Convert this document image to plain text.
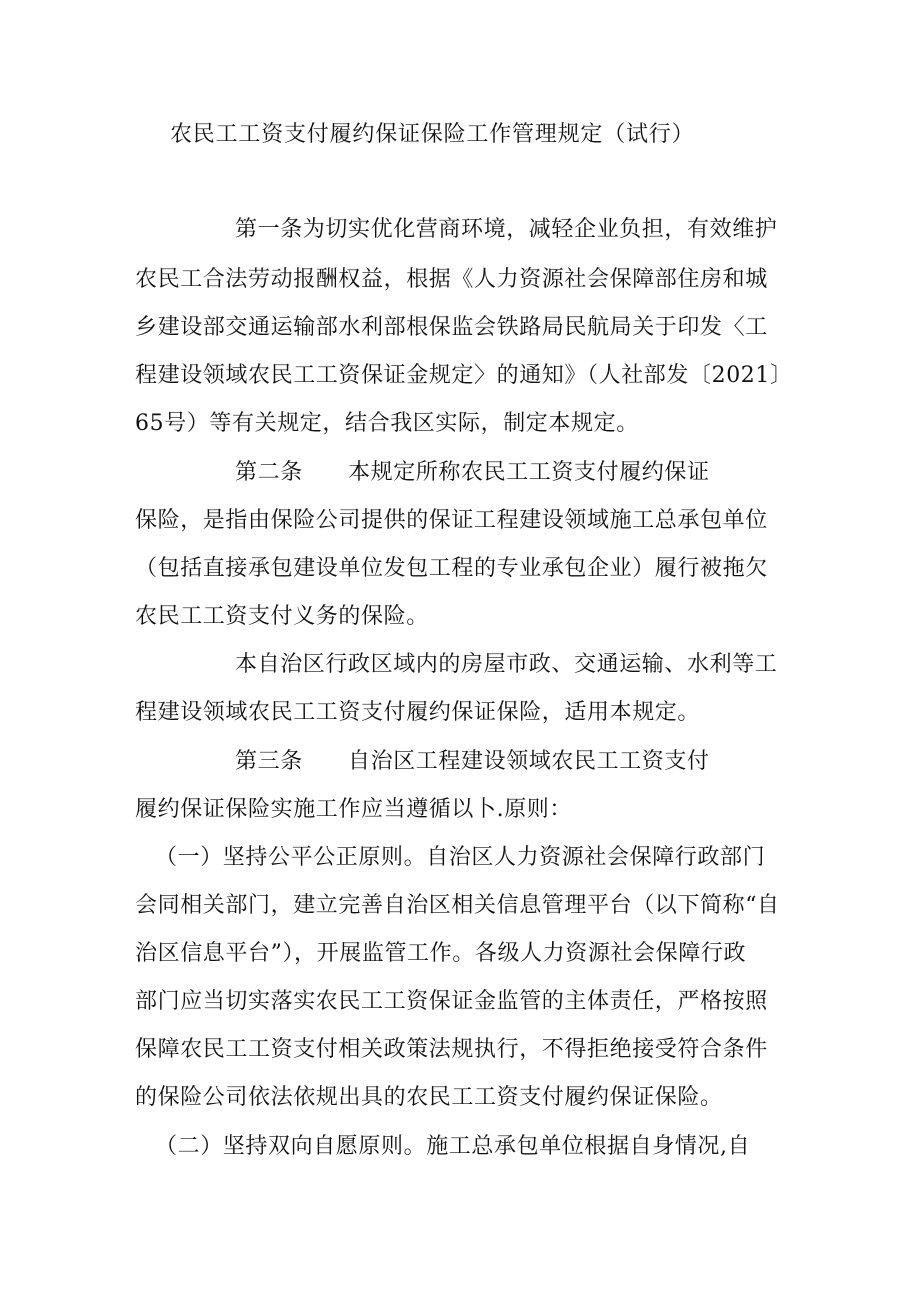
农民工工资支付履约保证保险工作管理规定（试行）
第一条为切实优化营商环境，减轻企业负担，有效维护
农民工合法劳动报酬权益，根据《人力资源社会保障部住房和城
乡建设部交通运输部水利部根保监会铁路局民航局关于印发〈工
程建设领域农民工工资保证金规定〉的通知》（人社部发〔2021〕
65号）等有关规定，结合我区实际，制定本规定。
第二条　　本规定所称农民工工资支付履约保证
保险，是指由保险公司提供的保证工程建设领域施工总承包单位
（包括直接承包建设单位发包工程的专业承包企业）履行被拖欠
农民工工资支付义务的保险。
本自治区行政区域内的房屋市政、交通运输、水利等工
程建设领域农民工工资支付履约保证保险，适用本规定。
第三条　　自治区工程建设领域农民工工资支付
履约保证保险实施工作应当遵循以卜.原则：
（一）坚持公平公正原则。自治区人力资源社会保障行政部门
会同相关部门，建立完善自治区相关信息管理平台（以下简称“自
治区信息平台”），开展监管工作。各级人力资源社会保障行政
部门应当切实落实农民工工资保证金监管的主体责任，严格按照
保障农民工工资支付相关政策法规执行，不得拒绝接受符合条件
的保险公司依法依规出具的农民工工资支付履约保证保险。
（二）坚持双向自愿原则。施工总承包单位根据自身情况,自
